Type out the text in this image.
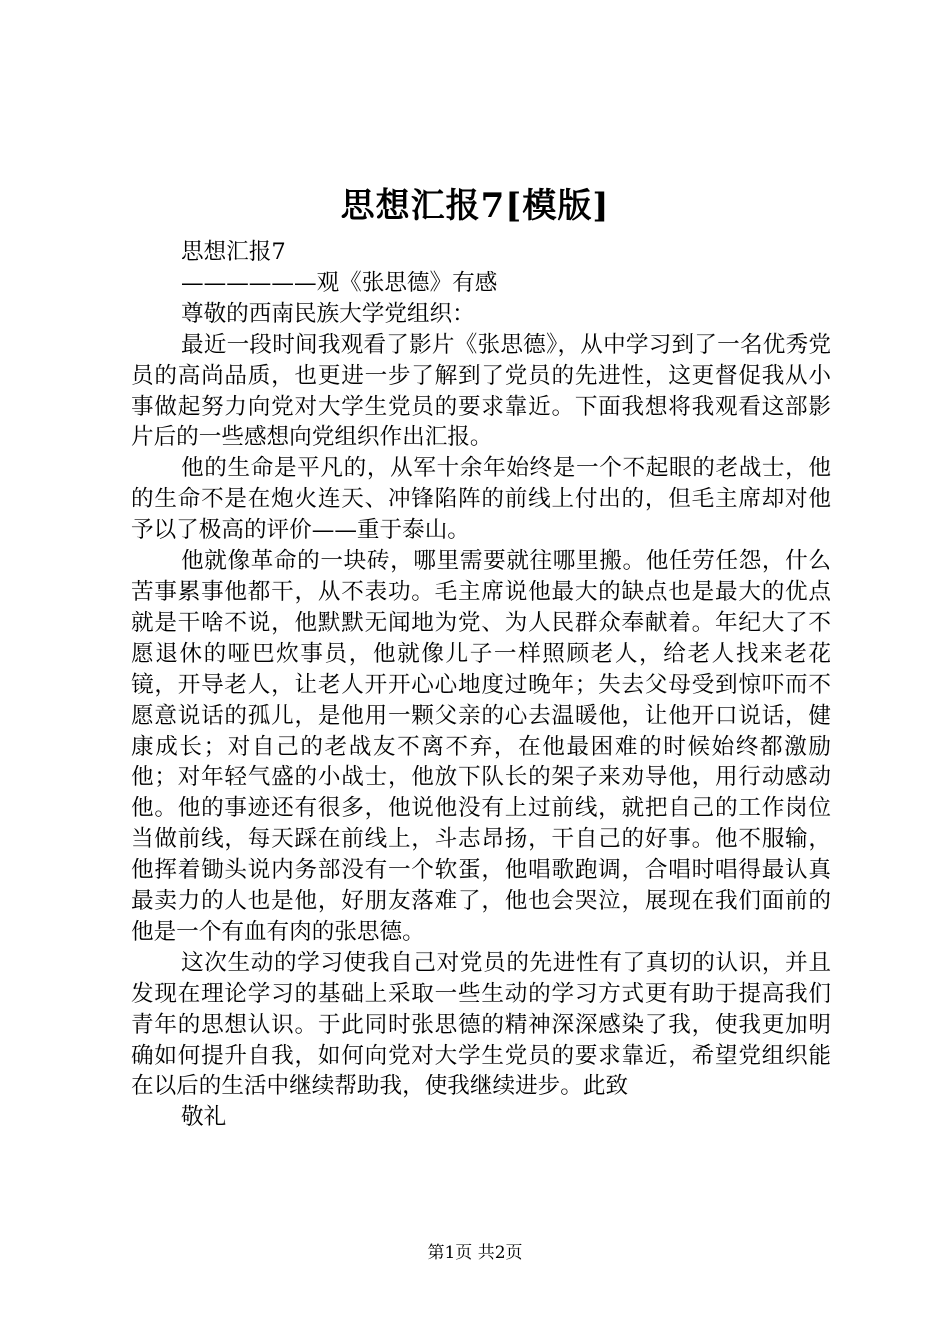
思想汇报7[模版]

思想汇报7

——————观《张思德》有感

尊敬的西南民族大学党组织：

最近一段时间我观看了影片《张思德》，从中学习到了一名优秀党员的高尚品质，也更进一步了解到了党员的先进性，这更督促我从小事做起努力向党对大学生党员的要求靠近。下面我想将我观看这部影片后的一些感想向党组织作出汇报。

他的生命是平凡的，从军十余年始终是一个不起眼的老战士，他的生命不是在炮火连天、冲锋陷阵的前线上付出的，但毛主席却对他予以了极高的评价——重于泰山。

他就像革命的一块砖，哪里需要就往哪里搬。他任劳任怨，什么苦事累事他都干，从不表功。毛主席说他最大的缺点也是最大的优点就是干啥不说，他默默无闻地为党、为人民群众奉献着。年纪大了不愿退休的哑巴炊事员，他就像儿子一样照顾老人，给老人找来老花镜，开导老人，让老人开开心心地度过晚年；失去父母受到惊吓而不愿意说话的孤儿，是他用一颗父亲的心去温暖他，让他开口说话，健康成长；对自己的老战友不离不弃，在他最困难的时候始终都激励他；对年轻气盛的小战士，他放下队长的架子来劝导他，用行动感动他。他的事迹还有很多，他说他没有上过前线，就把自己的工作岗位当做前线，每天踩在前线上，斗志昂扬，干自己的好事。他不服输，他挥着锄头说内务部没有一个软蛋，他唱歌跑调，合唱时唱得最认真最卖力的人也是他，好朋友落难了，他也会哭泣，展现在我们面前的他是一个有血有肉的张思德。

这次生动的学习使我自己对党员的先进性有了真切的认识，并且发现在理论学习的基础上采取一些生动的学习方式更有助于提高我们青年的思想认识。于此同时张思德的精神深深感染了我，使我更加明确如何提升自我，如何向党对大学生党员的要求靠近，希望党组织能在以后的生活中继续帮助我，使我继续进步。此致

敬礼

第1页 共2页
